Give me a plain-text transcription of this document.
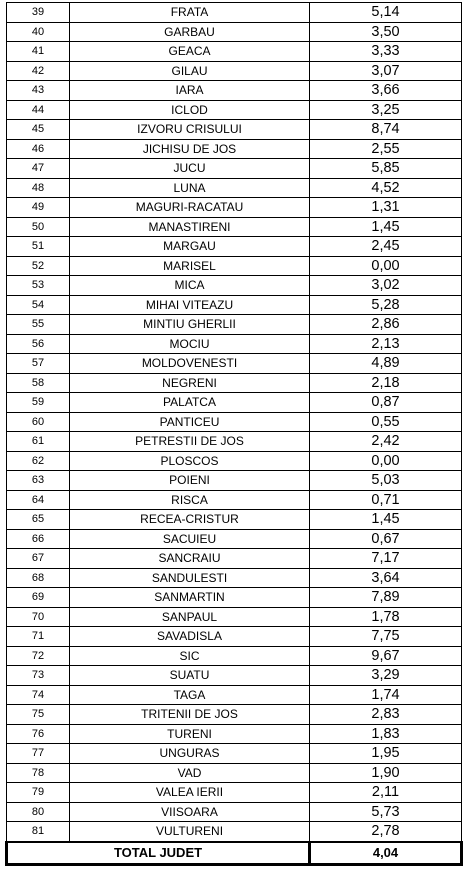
39	FRATA	5,14
40	GARBAU	3,50
41	GEACA	3,33
42	GILAU	3,07
43	IARA	3,66
44	ICLOD	3,25
45	IZVORU CRISULUI	8,74
46	JICHISU DE JOS	2,55
47	JUCU	5,85
48	LUNA	4,52
49	MAGURI-RACATAU	1,31
50	MANASTIRENI	1,45
51	MARGAU	2,45
52	MARISEL	0,00
53	MICA	3,02
54	MIHAI VITEAZU	5,28
55	MINTIU GHERLII	2,86
56	MOCIU	2,13
57	MOLDOVENESTI	4,89
58	NEGRENI	2,18
59	PALATCA	0,87
60	PANTICEU	0,55
61	PETRESTII DE JOS	2,42
62	PLOSCOS	0,00
63	POIENI	5,03
64	RISCA	0,71
65	RECEA-CRISTUR	1,45
66	SACUIEU	0,67
67	SANCRAIU	7,17
68	SANDULESTI	3,64
69	SANMARTIN	7,89
70	SANPAUL	1,78
71	SAVADISLA	7,75
72	SIC	9,67
73	SUATU	3,29
74	TAGA	1,74
75	TRITENII DE JOS	2,83
76	TURENI	1,83
77	UNGURAS	1,95
78	VAD	1,90
79	VALEA IERII	2,11
80	VIISOARA	5,73
81	VULTURENI	2,78
TOTAL JUDET		4,04
